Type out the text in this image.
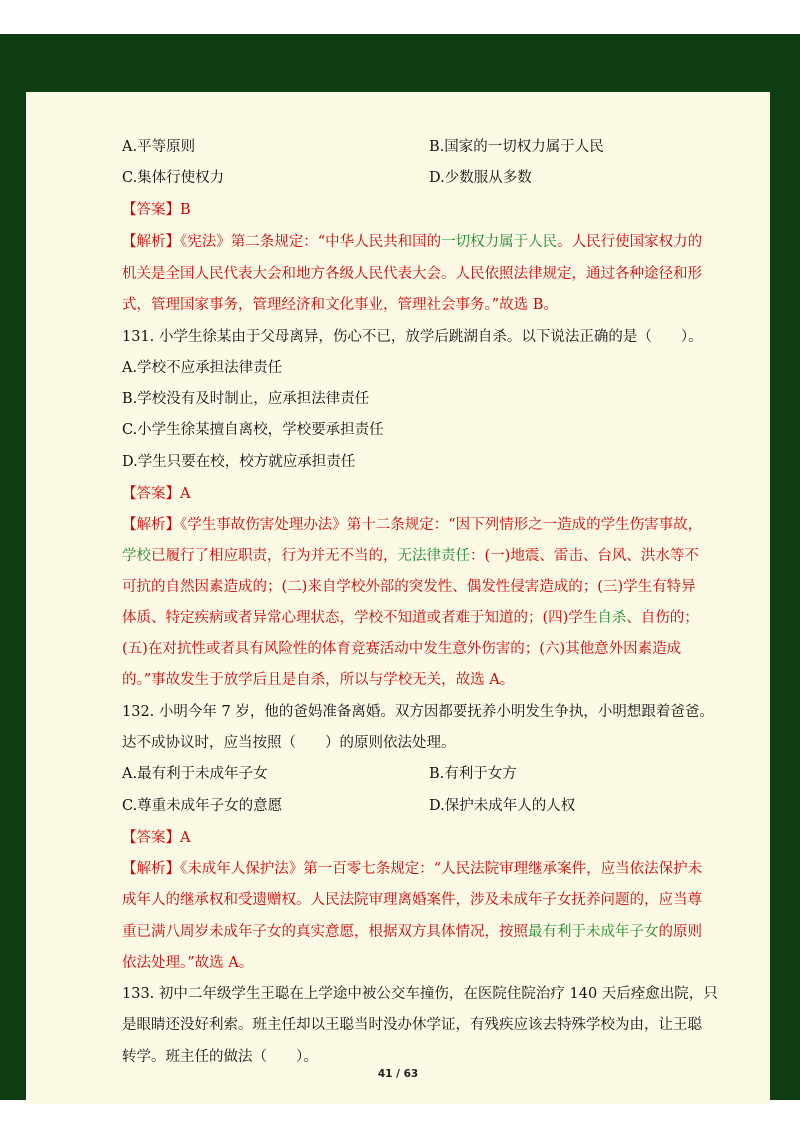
A.平等原则	B.国家的一切权力属于人民
C.集体行使权力	D.少数服从多数
【答案】B
【解析】《宪法》第二条规定：“中华人民共和国的一切权力属于人民。人民行使国家权力的
机关是全国人民代表大会和地方各级人民代表大会。人民依照法律规定，通过各种途径和形
式，管理国家事务，管理经济和文化事业，管理社会事务。”故选 B。
131. 小学生徐某由于父母离异，伤心不已，放学后跳湖自杀。以下说法正确的是（　　）。
A.学校不应承担法律责任
B.学校没有及时制止，应承担法律责任
C.小学生徐某擅自离校，学校要承担责任
D.学生只要在校，校方就应承担责任
【答案】A
【解析】《学生事故伤害处理办法》第十二条规定：“因下列情形之一造成的学生伤害事故，
学校已履行了相应职责，行为并无不当的，无法律责任：(一)地震、雷击、台风、洪水等不
可抗的自然因素造成的；(二)来自学校外部的突发性、偶发性侵害造成的；(三)学生有特异
体质、特定疾病或者异常心理状态，学校不知道或者难于知道的；(四)学生自杀、自伤的；
(五)在对抗性或者具有风险性的体育竞赛活动中发生意外伤害的；(六)其他意外因素造成
的。”事故发生于放学后且是自杀，所以与学校无关，故选 A。
132. 小明今年 7 岁，他的爸妈准备离婚。双方因都要抚养小明发生争执，小明想跟着爸爸。
达不成协议时，应当按照（　　）的原则依法处理。
A.最有利于未成年子女	B.有利于女方
C.尊重未成年子女的意愿	D.保护未成年人的人权
【答案】A
【解析】《未成年人保护法》第一百零七条规定：“人民法院审理继承案件，应当依法保护未
成年人的继承权和受遗赠权。人民法院审理离婚案件，涉及未成年子女抚养问题的，应当尊
重已满八周岁未成年子女的真实意愿，根据双方具体情况，按照最有利于未成年子女的原则
依法处理。”故选 A。
133. 初中二年级学生王聪在上学途中被公交车撞伤，在医院住院治疗 140 天后痊愈出院，只
是眼睛还没好利索。班主任却以王聪当时没办休学证，有残疾应该去特殊学校为由，让王聪
转学。班主任的做法（　　）。
41 / 63
